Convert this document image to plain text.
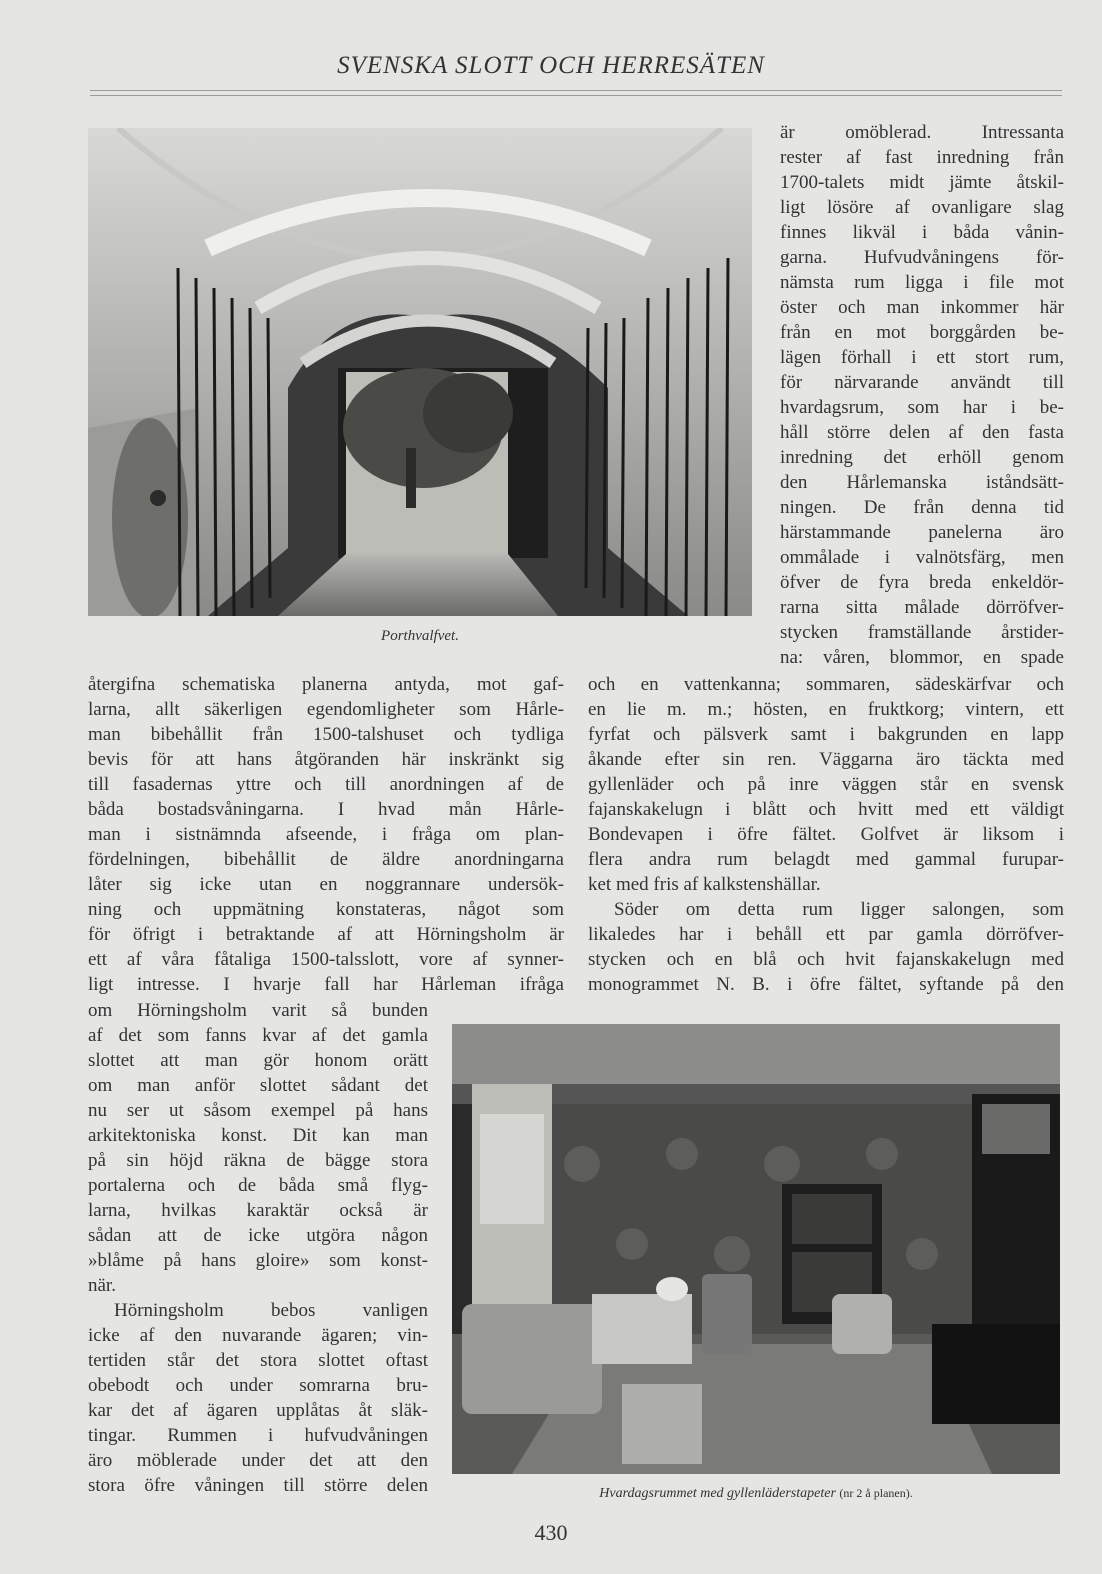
SVENSKA SLOTT OCH HERRESÄTEN
Porthvalfvet.
är omöblerad. Intressanta
rester af fast inredning från
1700-talets midt jämte åtskil-
ligt lösöre af ovanligare slag
finnes likväl i båda vånin-
garna. Hufvudvåningens för-
nämsta rum ligga i file mot
öster och man inkommer här
från en mot borggården be-
lägen förhall i ett stort rum,
för närvarande användt till
hvardagsrum, som har i be-
håll större delen af den fasta
inredning det erhöll genom
den Hårlemanska iståndsätt-
ningen. De från denna tid
härstammande panelerna äro
ommålade i valnötsfärg, men
öfver de fyra breda enkeldör-
rarna sitta målade dörröfver-
stycken framställande årstider-
na: våren, blommor, en spade
återgifna schematiska planerna antyda, mot gaf-
larna, allt säkerligen egendomligheter som Hårle-
man bibehållit från 1500-talshuset och tydliga
bevis för att hans åtgöranden här inskränkt sig
till fasadernas yttre och till anordningen af de
båda bostadsvåningarna. I hvad mån Hårle-
man i sistnämnda afseende, i fråga om plan-
fördelningen, bibehållit de äldre anordningarna
låter sig icke utan en noggrannare undersök-
ning och uppmätning konstateras, något som
för öfrigt i betraktande af att Hörningsholm är
ett af våra fåtaliga 1500-talsslott, vore af synner-
ligt intresse. I hvarje fall har Hårleman ifråga
och en vattenkanna; sommaren, sädeskärfvar och
en lie m. m.; hösten, en fruktkorg; vintern, ett
fyrfat och pälsverk samt i bakgrunden en lapp
åkande efter sin ren. Väggarna äro täckta med
gyllenläder och på inre väggen står en svensk
fajanskakelugn i blått och hvitt med ett väldigt
Bondevapen i öfre fältet. Golfvet är liksom i
flera andra rum belagdt med gammal furupar-
ket med fris af kalkstenshällar.
Söder om detta rum ligger salongen, som
likaledes har i behåll ett par gamla dörröfver-
stycken och en blå och hvit fajanskakelugn med
monogrammet N. B. i öfre fältet, syftande på den
om Hörningsholm varit så bunden
af det som fanns kvar af det gamla
slottet att man gör honom orätt
om man anför slottet sådant det
nu ser ut såsom exempel på hans
arkitektoniska konst. Dit kan man
på sin höjd räkna de bägge stora
portalerna och de båda små flyg-
larna, hvilkas karaktär också är
sådan att de icke utgöra någon
»blåme på hans gloire» som konst-
när.
Hörningsholm bebos vanligen
icke af den nuvarande ägaren; vin-
tertiden står det stora slottet oftast
obebodt och under somrarna bru-
kar det af ägaren upplåtas åt släk-
tingar. Rummen i hufvudvåningen
äro möblerade under det att den
stora öfre våningen till större delen	Hvardagsrummet med gyllenläderstapeter (nr 2 å planen).
430
